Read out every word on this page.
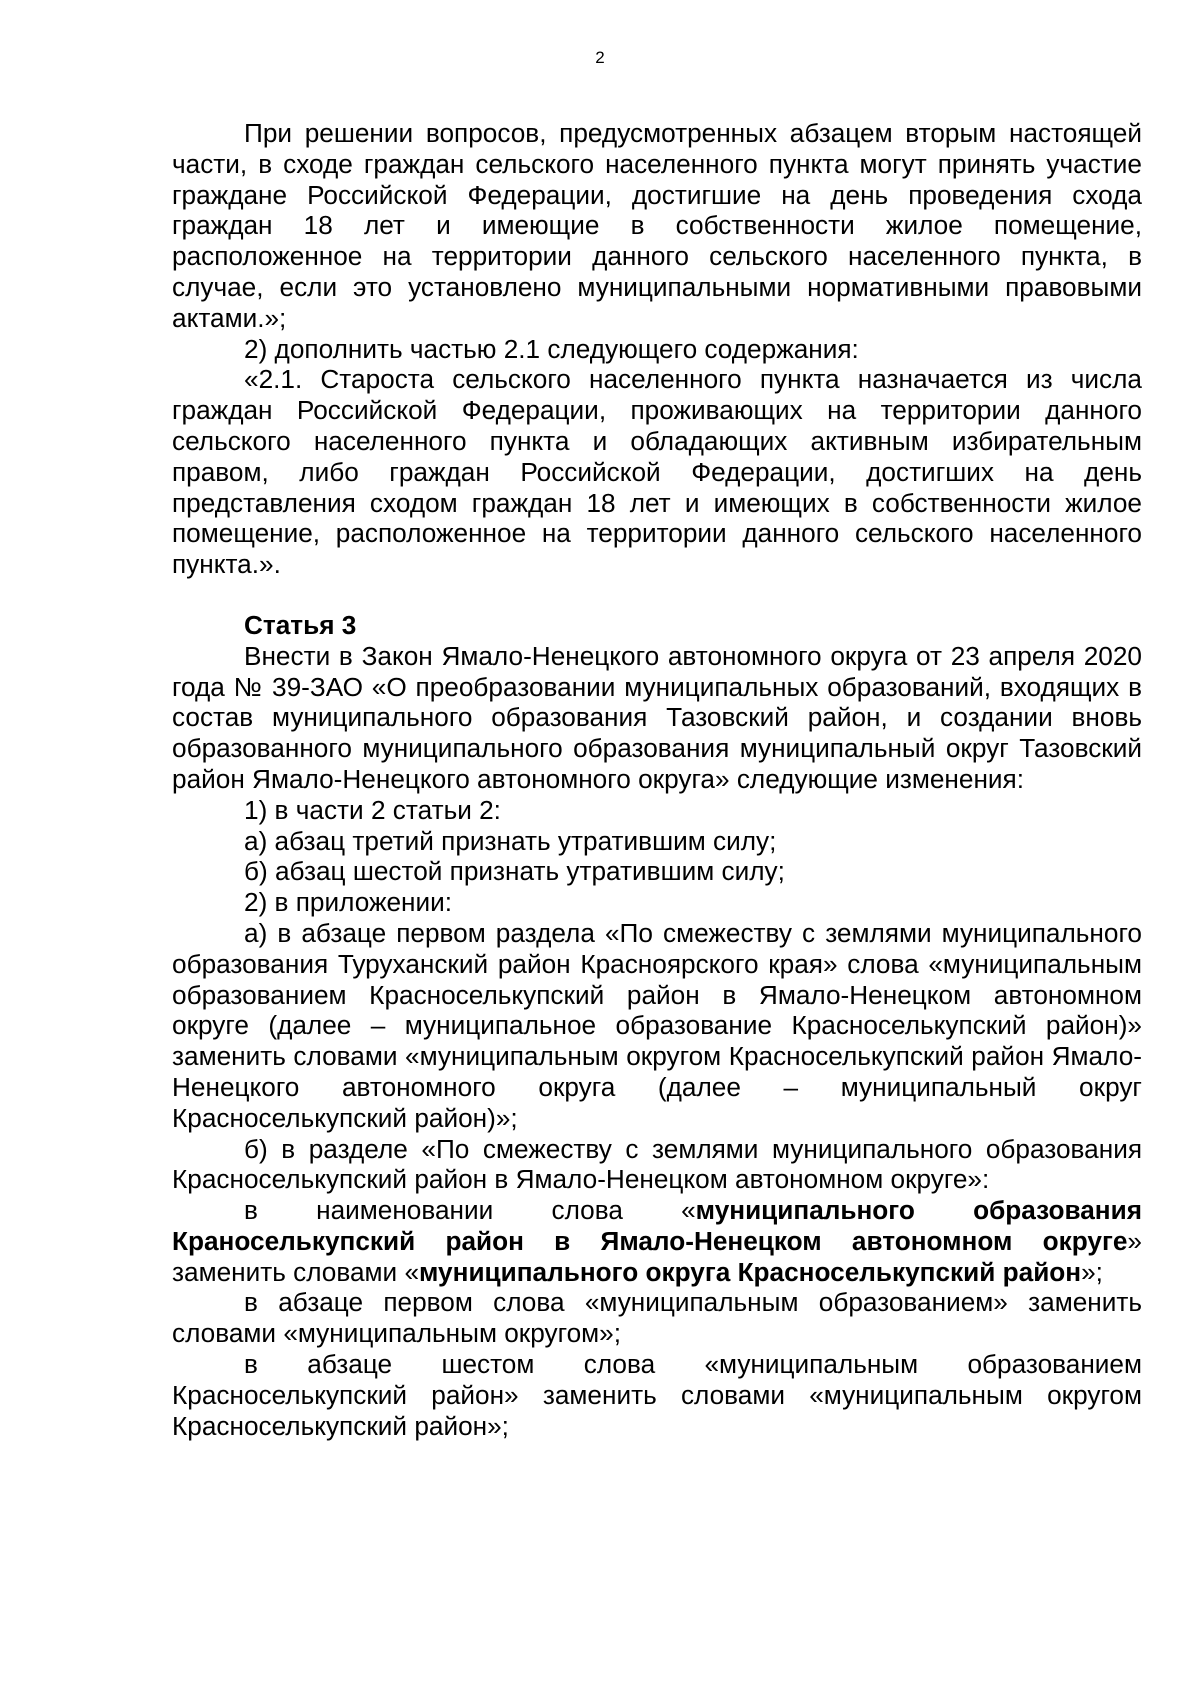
2

При решении вопросов, предусмотренных абзацем вторым настоящей части, в сходе граждан сельского населенного пункта могут принять участие граждане Российской Федерации, достигшие на день проведения схода граждан 18 лет и имеющие в собственности жилое помещение, расположенное на территории данного сельского населенного пункта, в случае, если это установлено муниципальными нормативными правовыми актами.»;

2) дополнить частью 2.1 следующего содержания:

«2.1. Староста сельского населенного пункта назначается из числа граждан Российской Федерации, проживающих на территории данного сельского населенного пункта и обладающих активным избирательным правом, либо граждан Российской Федерации, достигших на день представления сходом граждан 18 лет и имеющих в собственности жилое помещение, расположенное на территории данного сельского населенного пункта.».

Статья 3

Внести в Закон Ямало-Ненецкого автономного округа от 23 апреля 2020 года № 39-ЗАО «О преобразовании муниципальных образований, входящих в состав муниципального образования Тазовский район, и создании вновь образованного муниципального образования муниципальный округ Тазовский район Ямало-Ненецкого автономного округа» следующие изменения:

1) в части 2 статьи 2:

а) абзац третий признать утратившим силу;

б) абзац шестой признать утратившим силу;

2) в приложении:

а) в абзаце первом раздела «По смежеству с землями муниципального образования Туруханский район Красноярского края» слова «муниципальным образованием Красноселькупский район в Ямало-Ненецком автономном округе (далее – муниципальное образование Красноселькупский район)» заменить словами «муниципальным округом Красноселькупский район Ямало-Ненецкого автономного округа (далее – муниципальный округ Красноселькупский район)»;

б) в разделе «По смежеству с землями муниципального образования Красноселькупский район в Ямало-Ненецком автономном округе»:

в наименовании слова «муниципального образования Краноселькупский район в Ямало-Ненецком автономном округе» заменить словами «муниципального округа Красноселькупский район»;

в абзаце первом слова «муниципальным образованием» заменить словами «муниципальным округом»;

в абзаце шестом слова «муниципальным образованием Красноселькупский район» заменить словами «муниципальным округом Красноселькупский район»;
